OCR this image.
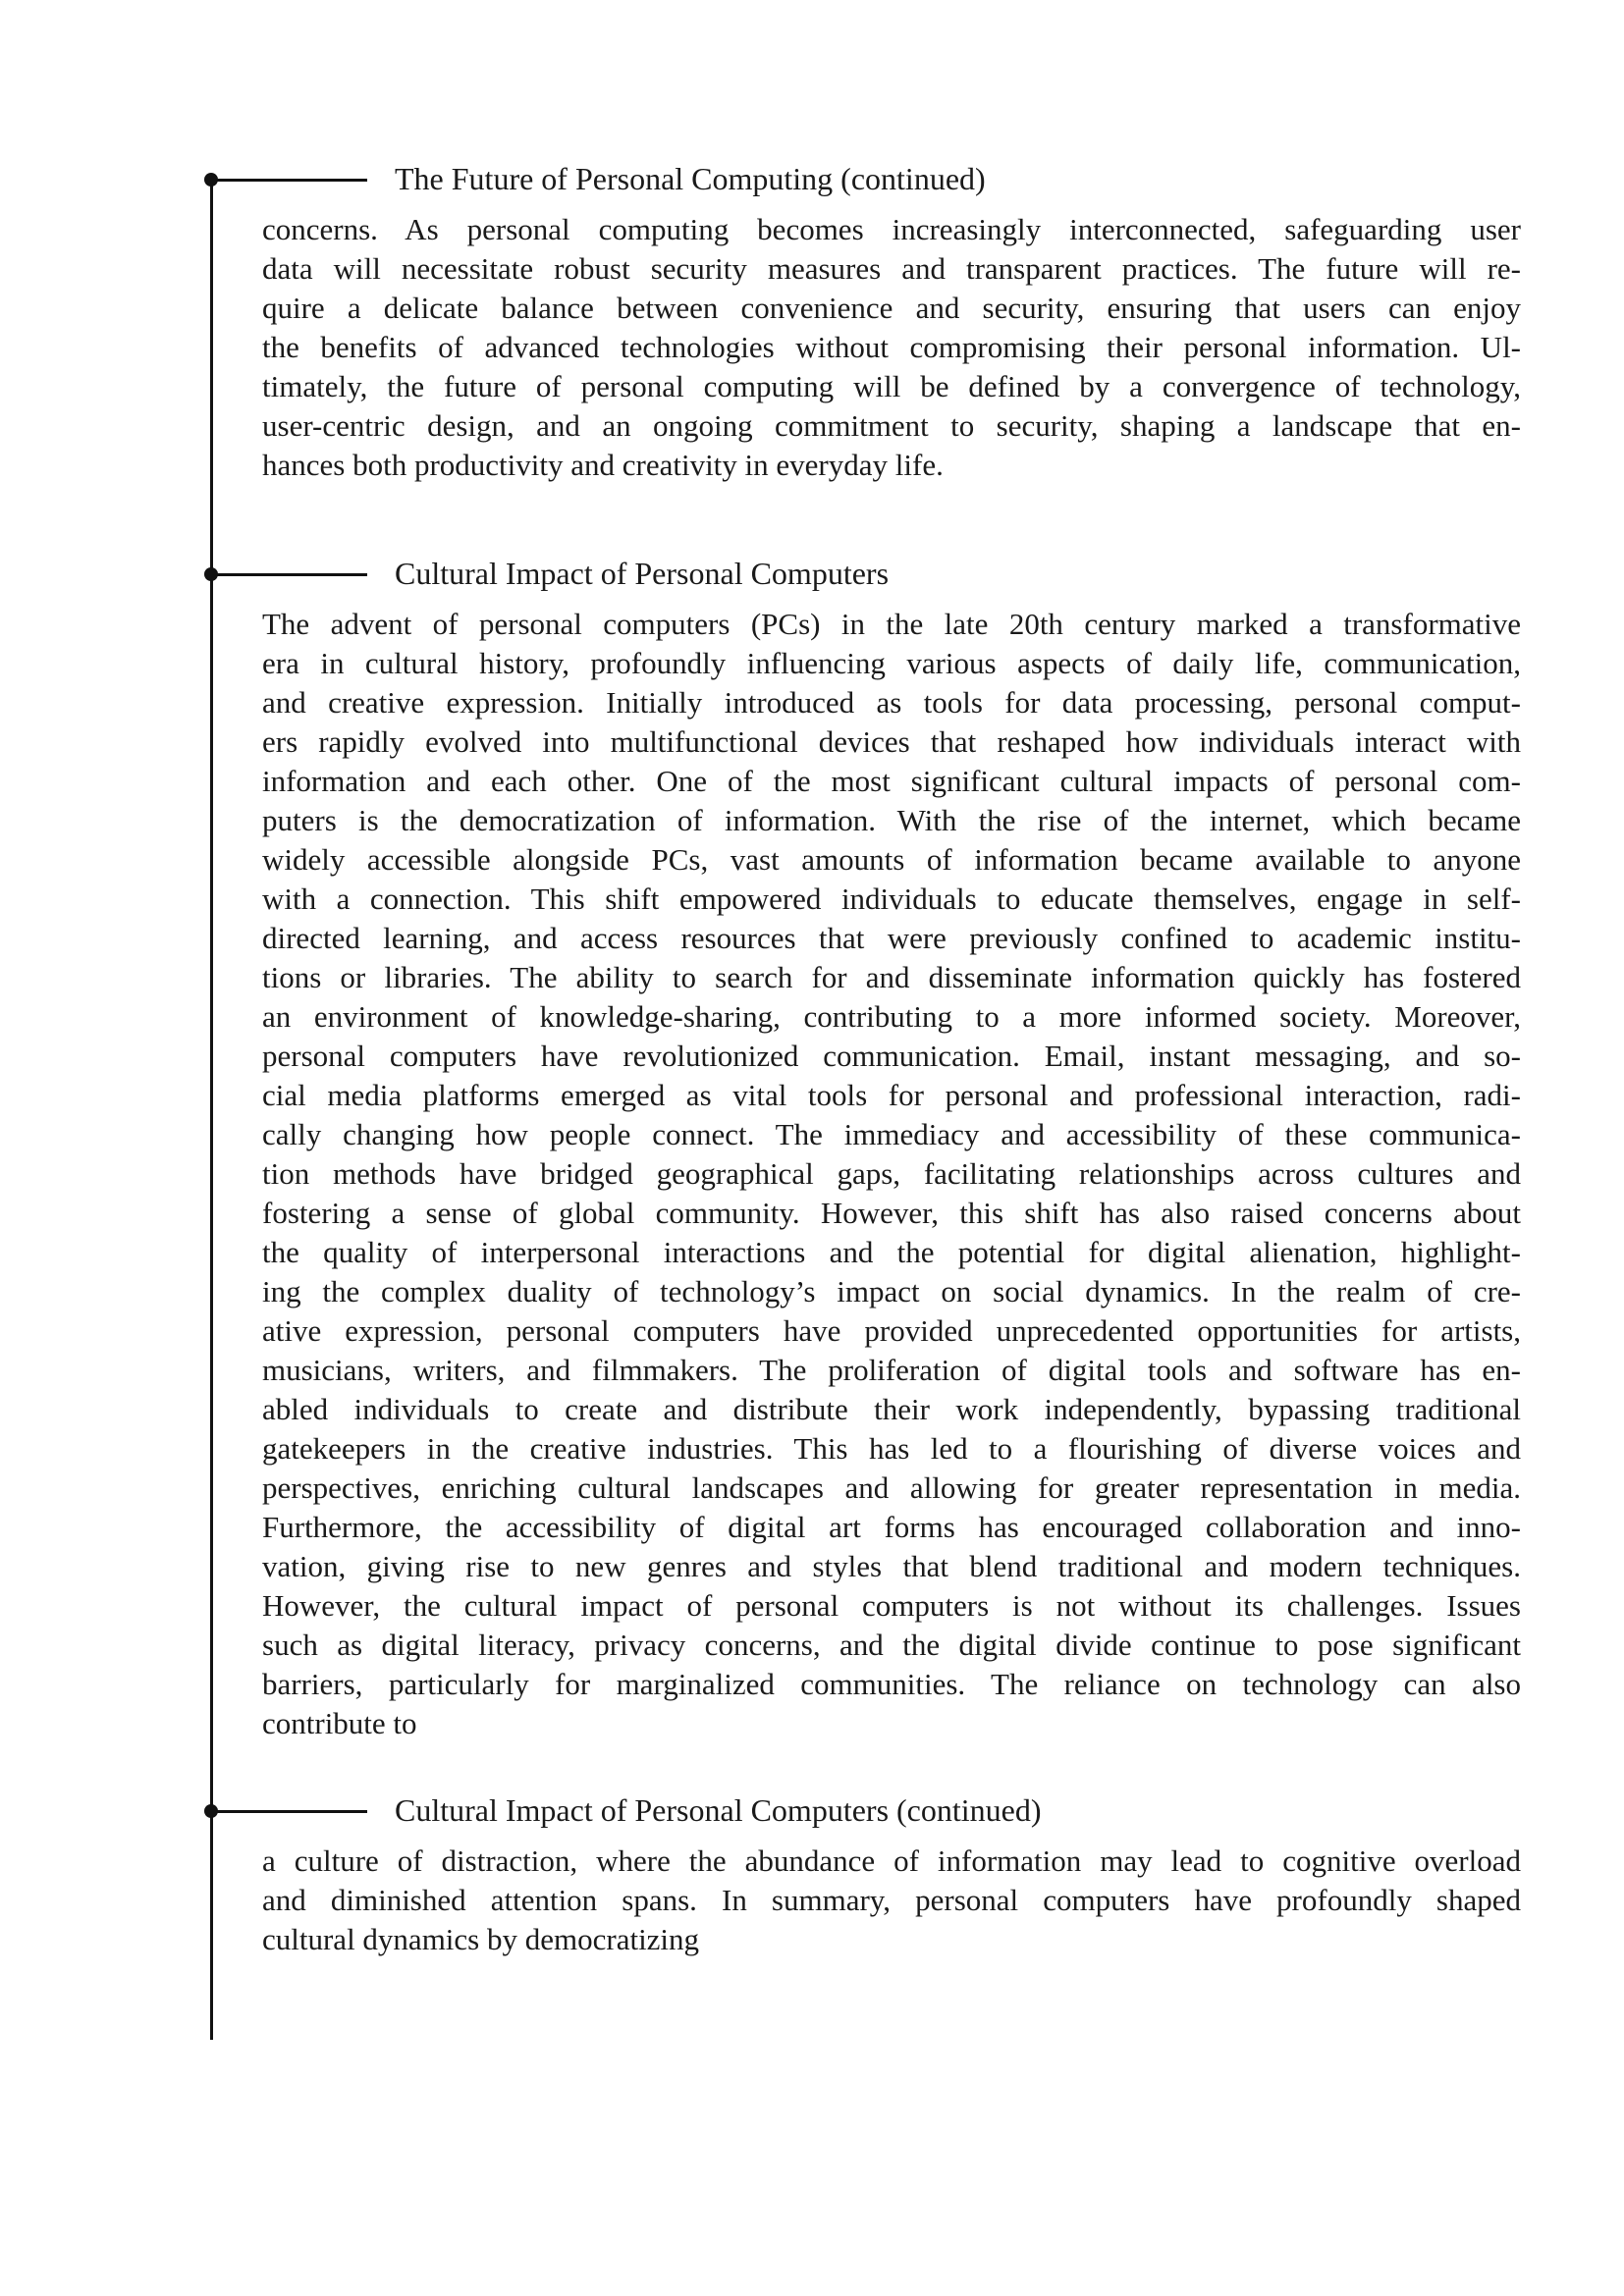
The Future of Personal Computing (continued)
concerns. As personal computing becomes increasingly interconnected, safeguarding user
data will necessitate robust security measures and transparent practices. The future will re-
quire a delicate balance between convenience and security, ensuring that users can enjoy
the benefits of advanced technologies without compromising their personal information. Ul-
timately, the future of personal computing will be defined by a convergence of technology,
user-centric design, and an ongoing commitment to security, shaping a landscape that en-
hances both productivity and creativity in everyday life.
Cultural Impact of Personal Computers
The advent of personal computers (PCs) in the late 20th century marked a transformative
era in cultural history, profoundly influencing various aspects of daily life, communication,
and creative expression. Initially introduced as tools for data processing, personal comput-
ers rapidly evolved into multifunctional devices that reshaped how individuals interact with
information and each other. One of the most significant cultural impacts of personal com-
puters is the democratization of information. With the rise of the internet, which became
widely accessible alongside PCs, vast amounts of information became available to anyone
with a connection. This shift empowered individuals to educate themselves, engage in self-
directed learning, and access resources that were previously confined to academic institu-
tions or libraries. The ability to search for and disseminate information quickly has fostered
an environment of knowledge-sharing, contributing to a more informed society. Moreover,
personal computers have revolutionized communication. Email, instant messaging, and so-
cial media platforms emerged as vital tools for personal and professional interaction, radi-
cally changing how people connect. The immediacy and accessibility of these communica-
tion methods have bridged geographical gaps, facilitating relationships across cultures and
fostering a sense of global community. However, this shift has also raised concerns about
the quality of interpersonal interactions and the potential for digital alienation, highlight-
ing the complex duality of technology’s impact on social dynamics. In the realm of cre-
ative expression, personal computers have provided unprecedented opportunities for artists,
musicians, writers, and filmmakers. The proliferation of digital tools and software has en-
abled individuals to create and distribute their work independently, bypassing traditional
gatekeepers in the creative industries. This has led to a flourishing of diverse voices and
perspectives, enriching cultural landscapes and allowing for greater representation in media.
Furthermore, the accessibility of digital art forms has encouraged collaboration and inno-
vation, giving rise to new genres and styles that blend traditional and modern techniques.
However, the cultural impact of personal computers is not without its challenges. Issues
such as digital literacy, privacy concerns, and the digital divide continue to pose significant
barriers, particularly for marginalized communities. The reliance on technology can also
contribute to
Cultural Impact of Personal Computers (continued)
a culture of distraction, where the abundance of information may lead to cognitive overload
and diminished attention spans. In summary, personal computers have profoundly shaped
cultural dynamics by democratizing
